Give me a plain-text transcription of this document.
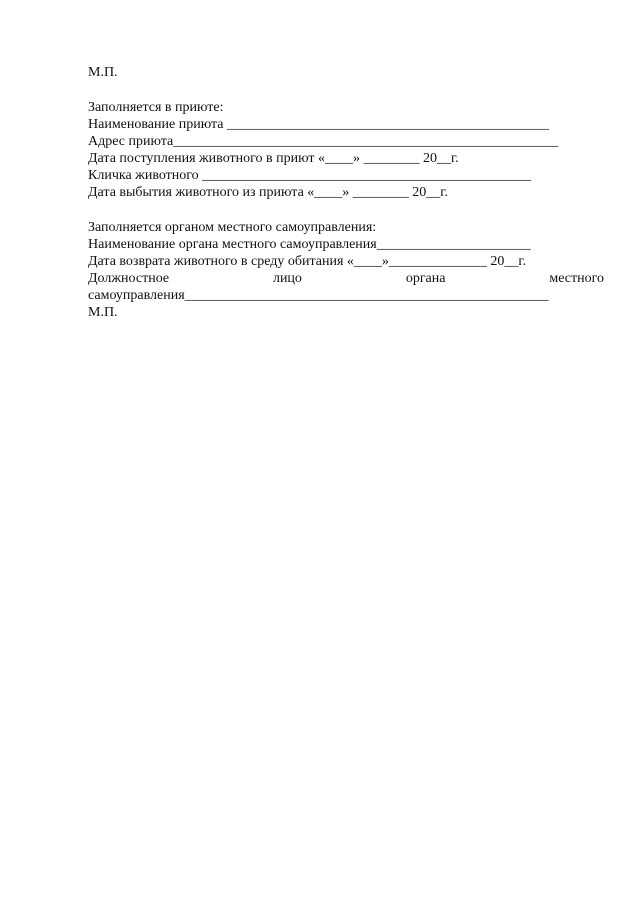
М.П.
Заполняется в приюте:
Наименование приюта ______________________________________________
Адрес приюта_______________________________________________________
Дата поступления животного в приют «____» ________ 20__г.
Кличка животного _______________________________________________
Дата выбытия животного из приюта «____» ________ 20__г.
Заполняется органом местного самоуправления:
Наименование органа местного самоуправления______________________
Дата возврата животного в среду обитания «____»______________ 20__г.
Должностное	лицо	органа	местного
самоуправления____________________________________________________
М.П.
